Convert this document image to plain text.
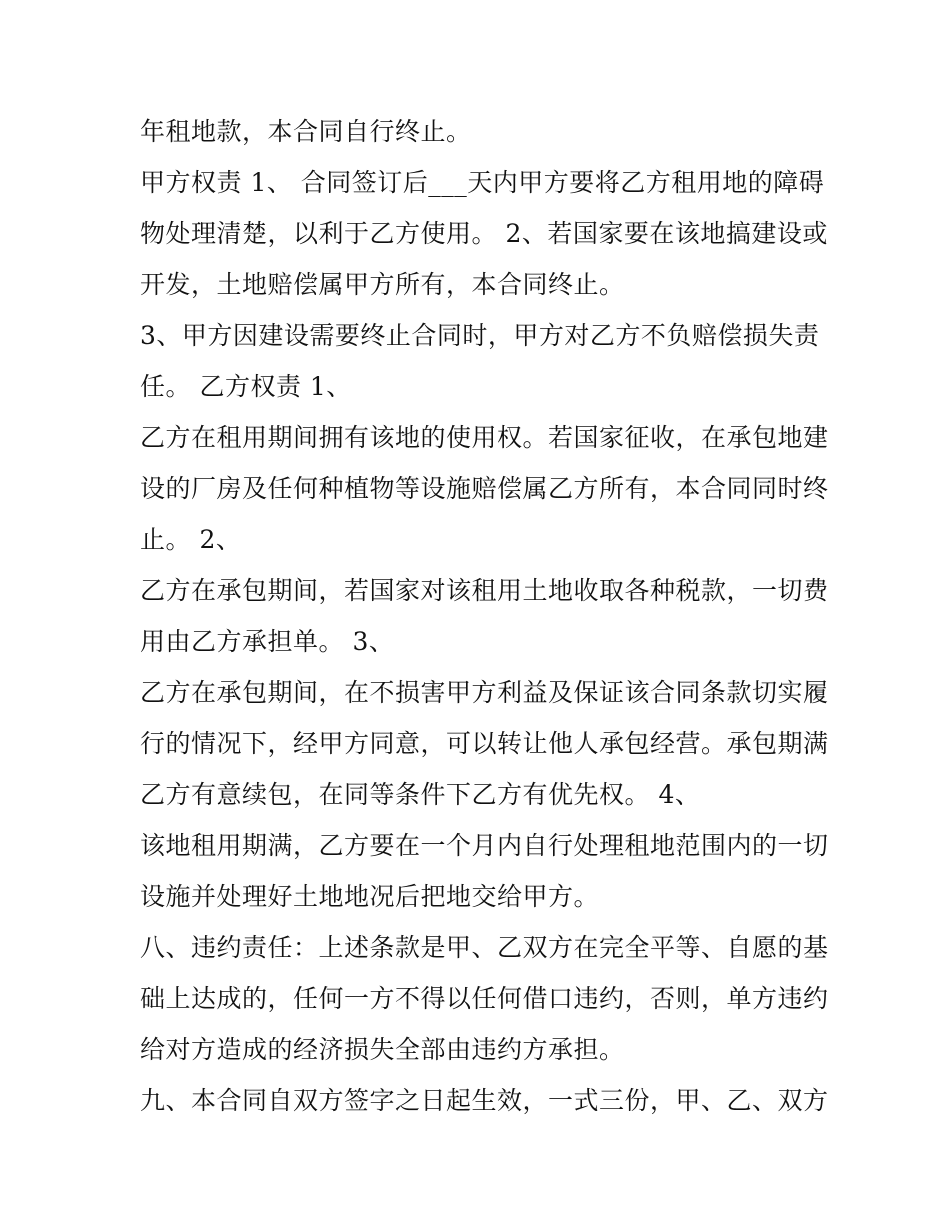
年租地款，本合同自行终止。
甲方权责 1、 合同签订后___天内甲方要将乙方租用地的障碍
物处理清楚，以利于乙方使用。 2、若国家要在该地搞建设或
开发，土地赔偿属甲方所有，本合同终止。
3、甲方因建设需要终止合同时，甲方对乙方不负赔偿损失责
任。 乙方权责 1、
乙方在租用期间拥有该地的使用权。若国家征收，在承包地建
设的厂房及任何种植物等设施赔偿属乙方所有，本合同同时终
止。 2、
乙方在承包期间，若国家对该租用土地收取各种税款，一切费
用由乙方承担单。 3、
乙方在承包期间，在不损害甲方利益及保证该合同条款切实履
行的情况下，经甲方同意，可以转让他人承包经营。承包期满
乙方有意续包，在同等条件下乙方有优先权。 4、
该地租用期满，乙方要在一个月内自行处理租地范围内的一切
设施并处理好土地地况后把地交给甲方。
八、违约责任：上述条款是甲、乙双方在完全平等、自愿的基
础上达成的，任何一方不得以任何借口违约，否则，单方违约
给对方造成的经济损失全部由违约方承担。
九、本合同自双方签字之日起生效，一式三份，甲、乙、双方
